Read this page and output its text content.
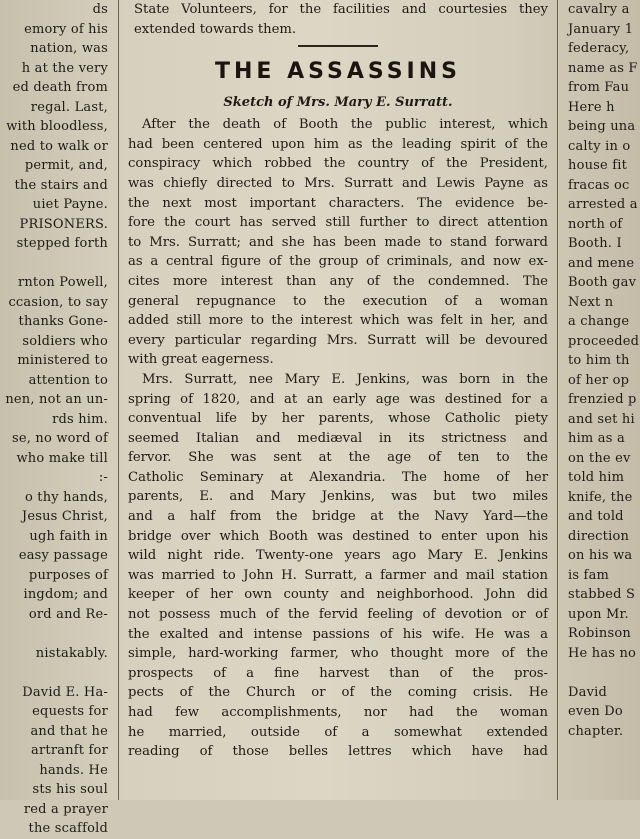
ds
emory of his
nation, was
h at the very
ed death from
regal. Last,
with bloodless,
ned to walk or
permit, and,
the stairs and
uiet Payne.
PRISONERS.
stepped forth
rnton Powell,
ccasion, to say
thanks Gone-
soldiers who
ministered to
attention to
nen, not an un-
rds him.
se, no word of
who make till
:-
o thy hands,
Jesus Christ,
ugh faith in
easy passage
purposes of
ingdom; and
ord and Re-
nistakably.
David E. Ha-
equests for
and that he
artranft for
hands. He
sts his soul
red a prayer
the scaffold
State Volunteers, for the facilities and courtesies they
extended towards them.
THE ASSASSINS
Sketch of Mrs. Mary E. Surratt.
After the death of Booth the public interest, which
had been centered upon him as the leading spirit of the
conspiracy which robbed the country of the President,
was chiefly directed to Mrs. Surratt and Lewis Payne as
the next most important characters. The evidence be-
fore the court has served still further to direct attention
to Mrs. Surratt; and she has been made to stand forward
as a central figure of the group of criminals, and now ex-
cites more interest than any of the condemned. The
general repugnance to the execution of a woman
added still more to the interest which was felt in her, and
every particular regarding Mrs. Surratt will be devoured
with great eagerness.
Mrs. Surratt, nee Mary E. Jenkins, was born in the
spring of 1820, and at an early age was destined for a
conventual life by her parents, whose Catholic piety
seemed Italian and mediæval in its strictness and
fervor. She was sent at the age of ten to the
Catholic Seminary at Alexandria. The home of her
parents, E. and Mary Jenkins, was but two miles
and a half from the bridge at the Navy Yard—the
bridge over which Booth was destined to enter upon his
wild night ride. Twenty-one years ago Mary E. Jenkins
was married to John H. Surratt, a farmer and mail station
keeper of her own county and neighborhood. John did
not possess much of the fervid feeling of devotion or of
the exalted and intense passions of his wife. He was a
simple, hard-working farmer, who thought more of the
prospects of a fine harvest than of the pros-
pects of the Church or of the coming crisis. He
had few accomplishments, nor had the woman
he married, outside of a somewhat extended
reading of those belles lettres which have had
cavalry a
January 1
federacy,
name as F
from Fau
Here h
being una
calty in o
house fit
fracas oc
arrested a
north of
Booth. I
and mene
Booth gav
Next n
a change
proceeded
to him th
of her op
frenzied p
and set hi
him as a
on the ev
told him
knife, the
and told
direction
on his wa
is fam
stabbed S
upon Mr.
Robinson
He has no
David
even Do
chapter.
